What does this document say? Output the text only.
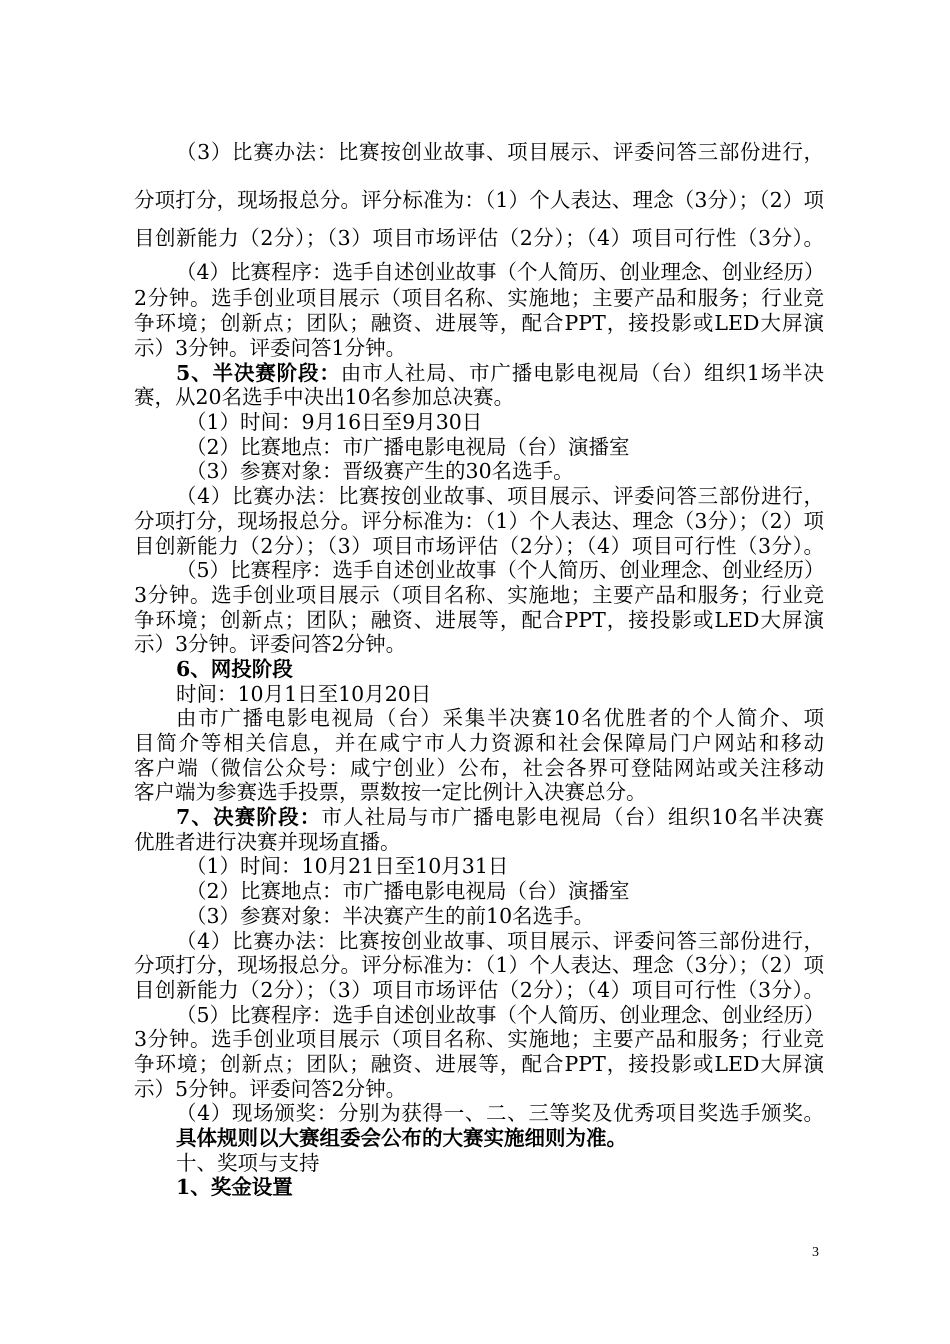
3
（3）比赛办法：比赛按创业故事、项目展示、评委问答三部份进行，
分项打分，现场报总分。评分标准为：（1）个人表达、理念（3分）；（2）项
目创新能力（2分）；（3）项目市场评估（2分）；（4）项目可行性（3分）。
（4）比赛程序：选手自述创业故事（个人简历、创业理念、创业经历）
2分钟。选手创业项目展示（项目名称、实施地；主要产品和服务；行业竞
争环境；创新点；团队；融资、进展等，配合PPT，接投影或LED大屏演
示）3分钟。评委问答1分钟。
5、半决赛阶段：由市人社局、市广播电影电视局（台）组织1场半决
赛，从20名选手中决出10名参加总决赛。
（1）时间：9月16日至9月30日
（2）比赛地点：市广播电影电视局（台）演播室
（3）参赛对象：晋级赛产生的30名选手。
（4）比赛办法：比赛按创业故事、项目展示、评委问答三部份进行，
分项打分，现场报总分。评分标准为：（1）个人表达、理念（3分）；（2）项
目创新能力（2分）；（3）项目市场评估（2分）；（4）项目可行性（3分）。
（5）比赛程序：选手自述创业故事（个人简历、创业理念、创业经历）
3分钟。选手创业项目展示（项目名称、实施地；主要产品和服务；行业竞
争环境；创新点；团队；融资、进展等，配合PPT，接投影或LED大屏演
示）3分钟。评委问答2分钟。
6、网投阶段
时间：10月1日至10月20日
由市广播电影电视局（台）采集半决赛10名优胜者的个人简介、项
目简介等相关信息，并在咸宁市人力资源和社会保障局门户网站和移动
客户端（微信公众号：咸宁创业）公布，社会各界可登陆网站或关注移动
客户端为参赛选手投票，票数按一定比例计入决赛总分。
7、决赛阶段：市人社局与市广播电影电视局（台）组织10名半决赛
优胜者进行决赛并现场直播。
（1）时间：10月21日至10月31日
（2）比赛地点：市广播电影电视局（台）演播室
（3）参赛对象：半决赛产生的前10名选手。
（4）比赛办法：比赛按创业故事、项目展示、评委问答三部份进行，
分项打分，现场报总分。评分标准为：（1）个人表达、理念（3分）；（2）项
目创新能力（2分）；（3）项目市场评估（2分）；（4）项目可行性（3分）。
（5）比赛程序：选手自述创业故事（个人简历、创业理念、创业经历）
3分钟。选手创业项目展示（项目名称、实施地；主要产品和服务；行业竞
争环境；创新点；团队；融资、进展等，配合PPT，接投影或LED大屏演
示）5分钟。评委问答2分钟。
（4）现场颁奖：分别为获得一、二、三等奖及优秀项目奖选手颁奖。
具体规则以大赛组委会公布的大赛实施细则为准。
十、奖项与支持
1、奖金设置
